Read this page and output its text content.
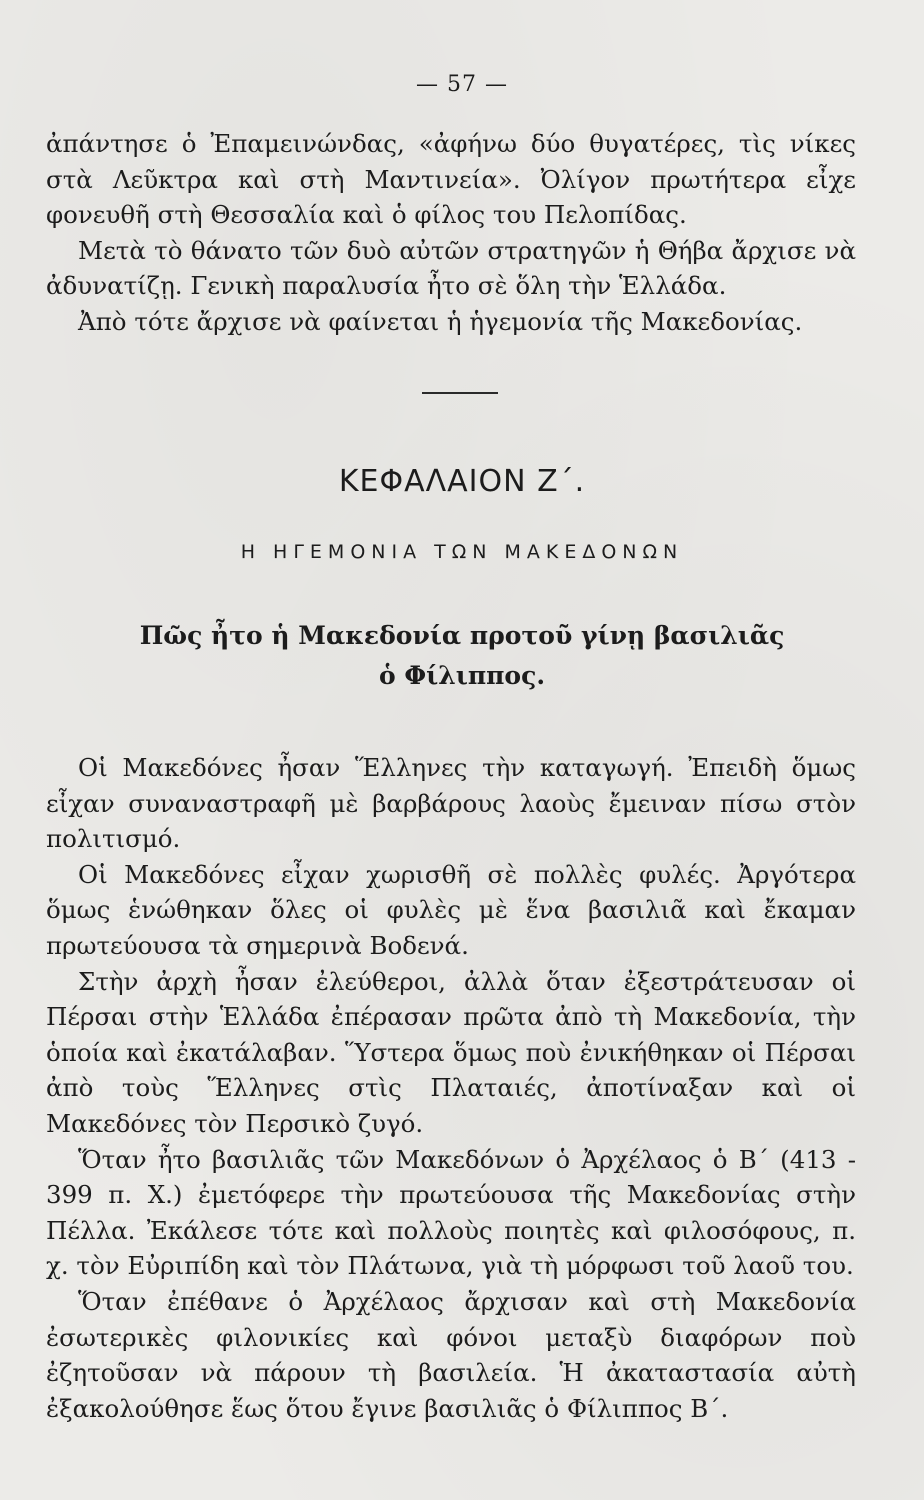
— 57 —

ἀπάντησε ὁ Ἐπαμεινώνδας, «ἀφήνω δύο θυγατέρες, τὶς νίκες στὰ Λεῦκτρα καὶ στὴ Μαντινεία». Ὀλίγον πρωτήτερα εἶχε φονευθῆ στὴ Θεσσαλία καὶ ὁ φίλος του Πελοπίδας.

Μετὰ τὸ θάνατο τῶν δυὸ αὐτῶν στρατηγῶν ἡ Θήβα ἄρχισε νὰ ἀδυνατίζῃ. Γενικὴ παραλυσία ἦτο σὲ ὅλη τὴν Ἑλλάδα.

Ἀπὸ τότε ἄρχισε νὰ φαίνεται ἡ ἡγεμονία τῆς Μακεδονίας.

ΚΕΦΑΛΑΙΟΝ Ζ΄.
Η ΗΓΕΜΟΝΙΑ ΤΩΝ ΜΑΚΕΔΟΝΩΝ
Πῶς ἦτο ἡ Μακεδονία προτοῦ γίνῃ βασιλιᾶς
ὁ Φίλιππος.

Οἱ Μακεδόνες ἦσαν Ἕλληνες τὴν καταγωγή. Ἐπειδὴ ὅμως εἶχαν συναναστραφῆ μὲ βαρβάρους λαοὺς ἔμειναν πίσω στὸν πολιτισμό.

Οἱ Μακεδόνες εἶχαν χωρισθῆ σὲ πολλὲς φυλές. Ἀργότερα ὅμως ἑνώθηκαν ὅλες οἱ φυλὲς μὲ ἕνα βασιλιᾶ καὶ ἔκαμαν πρωτεύουσα τὰ σημερινὰ Βοδενά.

Στὴν ἀρχὴ ἦσαν ἐλεύθεροι, ἀλλὰ ὅταν ἐξεστράτευσαν οἱ Πέρσαι στὴν Ἑλλάδα ἐπέρασαν πρῶτα ἀπὸ τὴ Μακεδονία, τὴν ὁποία καὶ ἐκατάλαβαν. Ὕστερα ὅμως ποὺ ἐνικήθηκαν οἱ Πέρσαι ἀπὸ τοὺς Ἕλληνες στὶς Πλαταιές, ἀποτίναξαν καὶ οἱ Μακεδόνες τὸν Περσικὸ ζυγό.

Ὅταν ἦτο βασιλιᾶς τῶν Μακεδόνων ὁ Ἀρχέλαος ὁ Β΄ (413 - 399 π. Χ.) ἐμετόφερε τὴν πρωτεύουσα τῆς Μακεδονίας στὴν Πέλλα. Ἐκάλεσε τότε καὶ πολλοὺς ποιητὲς καὶ φιλοσόφους, π. χ. τὸν Εὐριπίδη καὶ τὸν Πλάτωνα, γιὰ τὴ μόρφωσι τοῦ λαοῦ του.

Ὅταν ἐπέθανε ὁ Ἀρχέλαος ἄρχισαν καὶ στὴ Μακεδονία ἐσωτερικὲς φιλονικίες καὶ φόνοι μεταξὺ διαφόρων ποὺ ἐζητοῦσαν νὰ πάρουν τὴ βασιλεία. Ἡ ἀκαταστασία αὐτὴ ἐξακολούθησε ἕως ὅτου ἔγινε βασιλιᾶς ὁ Φίλιππος Β΄.
